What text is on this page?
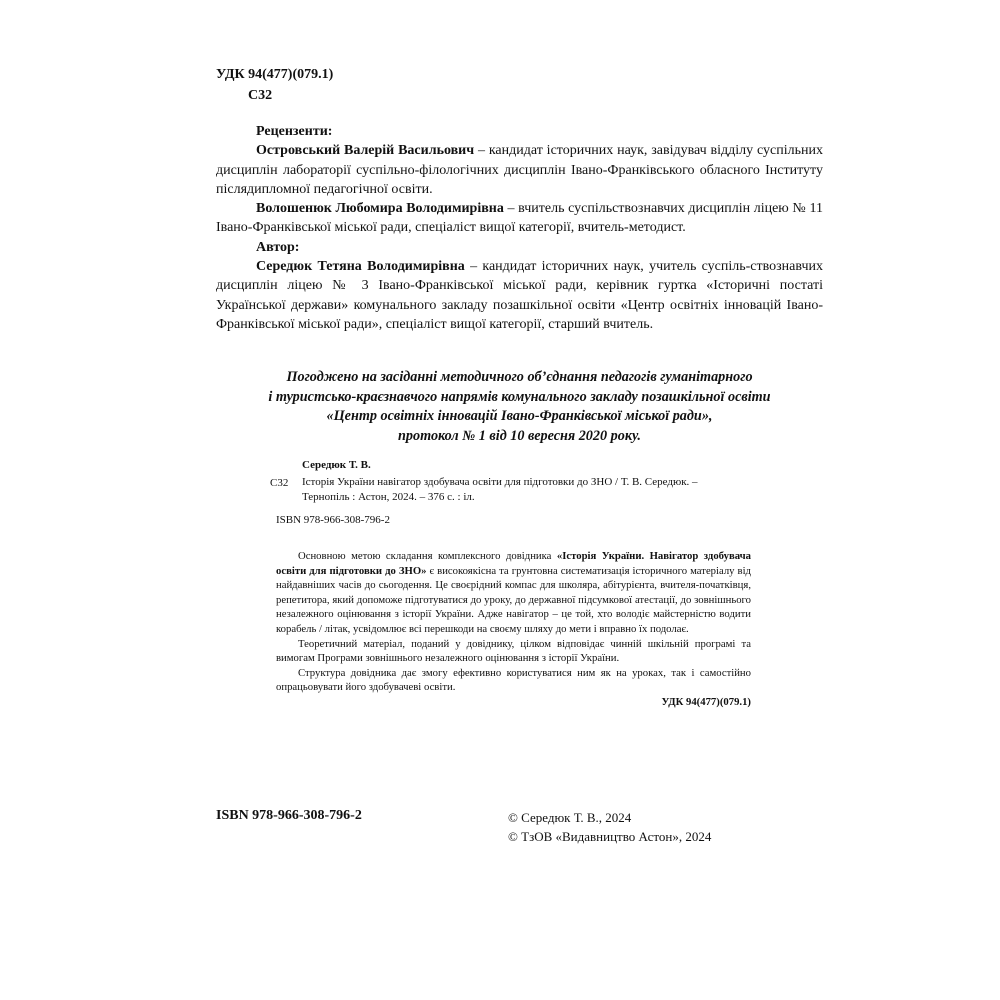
УДК 94(477)(079.1)
С32

Рецензенти:

Островський Валерій Васильович – кандидат історичних наук, завідувач відділу суспільних дисциплін лабораторії суспільно-філологічних дисциплін Івано-Франківського обласного Інституту післядипломної педагогічної освіти.

Волошенюк Любомира Володимирівна – вчитель суспільствознавчих дисциплін ліцею № 11 Івано-Франківської міської ради, спеціаліст вищої категорії, вчитель-методист.

Автор:

Середюк Тетяна Володимирівна – кандидат історичних наук, учитель суспіль-ствознавчих дисциплін ліцею № 3 Івано-Франківської міської ради, керівник гуртка «Історичні постаті Української держави» комунального закладу позашкільної освіти «Центр освітніх інновацій Івано-Франківської міської ради», спеціаліст вищої категорії, старший вчитель.

Погоджено на засіданні методичного об’єднання педагогів гуманітарного
і туристсько-краєзнавчого напрямів комунального закладу позашкільної освіти
«Центр освітніх інновацій Івано-Франківської міської ради»,
протокол № 1 від 10 вересня 2020 року.
Середюк Т. В.
С32 Історія України навігатор здобувача освіти для підготовки до ЗНО / Т. В. Середюк. –
Тернопіль : Астон, 2024. – 376 с. : іл.
ISBN 978-966-308-796-2

Основною метою складання комплексного довідника «Історія України. Навігатор здобувача освіти для підготовки до ЗНО» є високоякісна та грунтовна систематизація історичного матеріалу від найдавніших часів до сьогодення. Це своєрідний компас для школяра, абітурієнта, вчителя-початківця, репетитора, який допоможе підготуватися до уроку, до державної підсумкової атестації, до зовнішнього незалежного оцінювання з історії України. Адже навігатор – це той, хто володіє майстерністю водити корабель / літак, усвідомлює всі перешкоди на своєму шляху до мети і вправно їх подолає.

Теоретичний матеріал, поданий у довіднику, цілком відповідає чинній шкільній програмі та вимогам Програми зовнішнього незалежного оцінювання з історії України.

Структура довідника дає змогу ефективно користуватися ним як на уроках, так і самостійно опрацьовувати його здобувачеві освіти.

УДК 94(477)(079.1)

ISBN 978-966-308-796-2	© Середюк Т. В., 2024
© ТзОВ «Видавництво Астон», 2024
